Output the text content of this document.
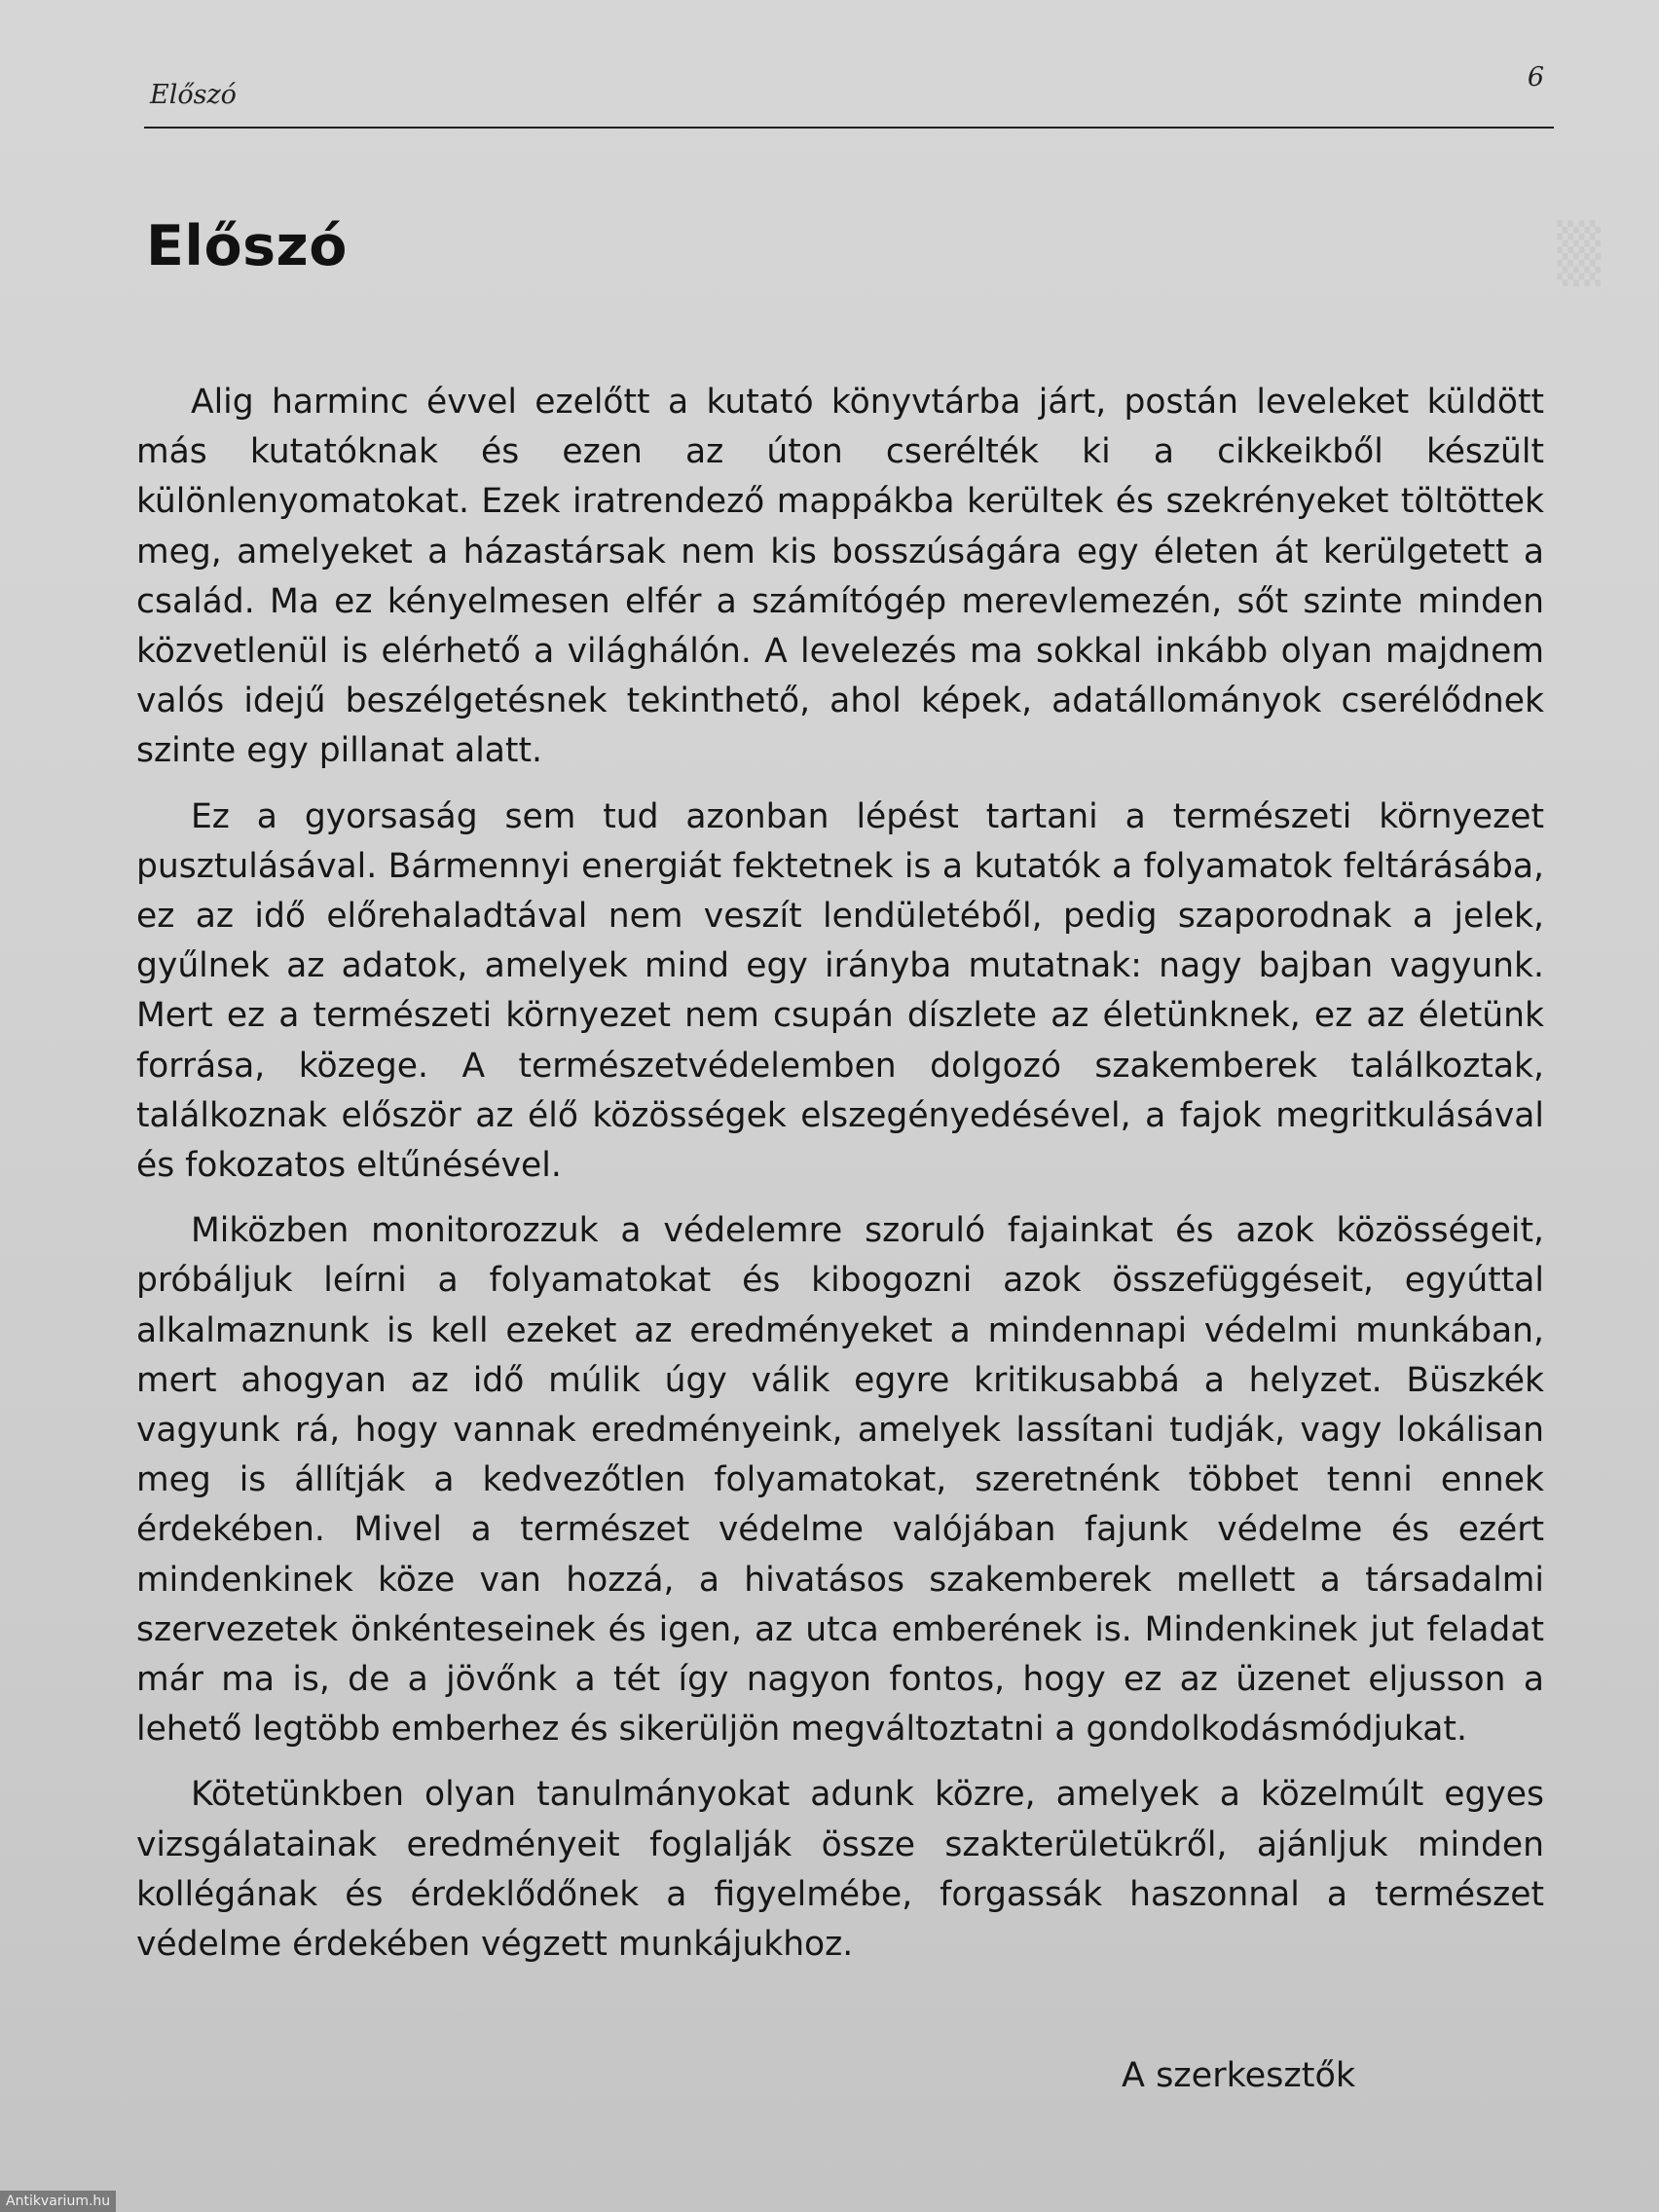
Előszó
6
▒
Előszó

Alig harminc évvel ezelőtt a kutató könyvtárba járt, postán leveleket küldött más kutatóknak és ezen az úton cserélték ki a cikkeikből készült különlenyomatokat. Ezek iratrendező mappákba kerültek és szekrényeket töltöttek meg, amelyeket a házastársak nem kis bosszúságára egy életen át kerülgetett a család. Ma ez kényelmesen elfér a számítógép merevlemezén, sőt szinte minden közvetlenül is elérhető a világhálón. A levelezés ma sokkal inkább olyan majdnem valós idejű beszélgetésnek tekinthető, ahol képek, adatállományok cserélődnek szinte egy pillanat alatt.

Ez a gyorsaság sem tud azonban lépést tartani a természeti környezet pusztulásával. Bármennyi energiát fektetnek is a kutatók a folyamatok feltárásába, ez az idő előrehaladtával nem veszít lendületéből, pedig szaporodnak a jelek, gyűlnek az adatok, amelyek mind egy irányba mutatnak: nagy bajban vagyunk. Mert ez a természeti környezet nem csupán díszlete az életünknek, ez az életünk forrása, közege. A természetvédelemben dolgozó szakemberek találkoztak, találkoznak először az élő közösségek elszegényedésével, a fajok megritkulásával és fokozatos eltűnésével.

Miközben monitorozzuk a védelemre szoruló fajainkat és azok közösségeit, próbáljuk leírni a folyamatokat és kibogozni azok összefüggéseit, egyúttal alkalmaznunk is kell ezeket az eredményeket a mindennapi védelmi munkában, mert ahogyan az idő múlik úgy válik egyre kritikusabbá a helyzet. Büszkék vagyunk rá, hogy vannak eredményeink, amelyek lassítani tudják, vagy lokálisan meg is állítják a kedvezőtlen folyamatokat, szeretnénk többet tenni ennek érdekében. Mivel a természet védelme valójában fajunk védelme és ezért mindenkinek köze van hozzá, a hivatásos szakemberek mellett a társadalmi szervezetek önkénteseinek és igen, az utca emberének is. Mindenkinek jut feladat már ma is, de a jövőnk a tét így nagyon fontos, hogy ez az üzenet eljusson a lehető legtöbb emberhez és sikerüljön megváltoztatni a gondolkodásmódjukat.

Kötetünkben olyan tanulmányokat adunk közre, amelyek a közelmúlt egyes vizsgálatainak eredményeit foglalják össze szakterületükről, ajánljuk minden kollégának és érdeklődőnek a figyelmébe, forgassák haszonnal a természet védelme érdekében végzett munkájukhoz.

A szerkesztők
Antikvarium.hu
